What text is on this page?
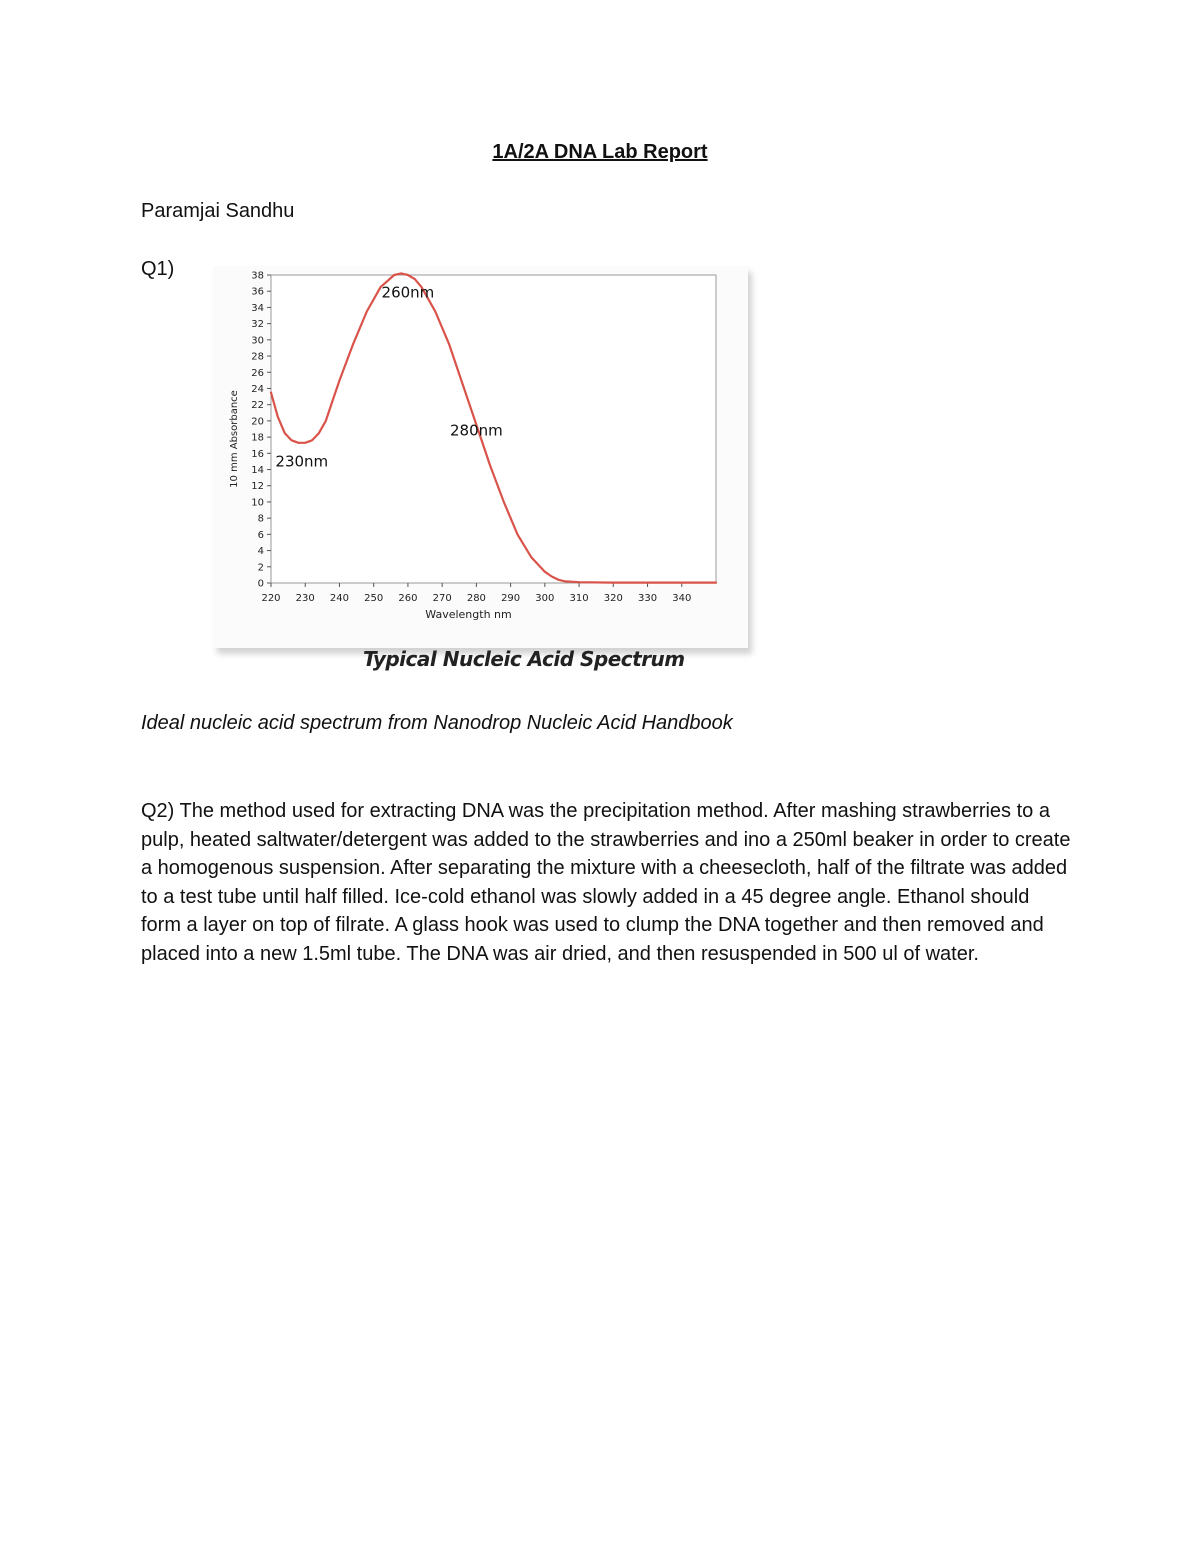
1A/2A DNA Lab Report
Paramjai Sandhu
Q1)
0
2
4
6
8
10
12
14
16
18
20
22
24
26
28
30
32
34
36
38
220 230 240 250 260 270 280 290 300 310 320 330 340
Wavelength nm
10 mm Absorbance
260nm
280nm
230nm
Typical Nucleic Acid Spectrum
Ideal nucleic acid spectrum from Nanodrop Nucleic Acid Handbook
Q2) The method used for extracting DNA was the precipitation method. After mashing strawberries to a pulp, heated saltwater/detergent was added to the strawberries and ino a 250ml beaker in order to create a homogenous suspension. After separating the mixture with a cheesecloth, half of the filtrate was added to a test tube until half filled. Ice-cold ethanol was slowly added in a 45 degree angle. Ethanol should form a layer on top of filrate. A glass hook was used to clump the DNA together and then removed and placed into a new 1.5ml tube. The DNA was air dried, and then resuspended in 500 ul of water.
